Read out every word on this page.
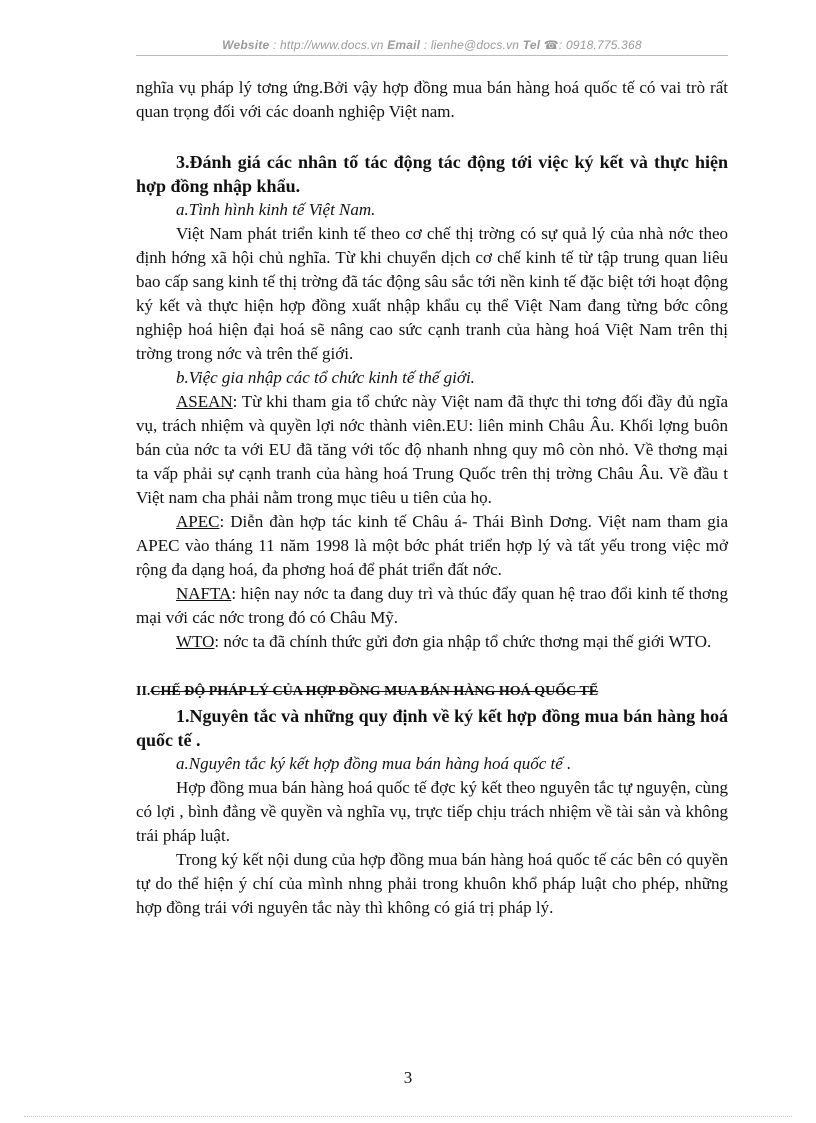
Website : http://www.docs.vn Email : lienhe@docs.vn Tel ☎: 0918.775.368

nghĩa vụ pháp lý tơng ứng.Bởi vậy hợp đồng mua bán hàng hoá quốc tế có vai trò rất quan trọng đối với các doanh nghiệp Việt nam.

3.Đánh giá các nhân tố tác động tác động tới việc ký kết và thực hiện hợp đồng nhập khẩu.

a.Tình hình kinh tế Việt Nam.

Việt Nam phát triển kinh tế theo cơ chế thị trờng có sự quả lý của nhà nớc theo định hớng xã hội chủ nghĩa. Từ khi chuyển dịch cơ chế kinh tế từ tập trung quan liêu bao cấp sang kinh tế thị trờng đã tác động sâu sắc tới nền kinh tế đặc biệt tới hoạt động ký kết và thực hiện hợp đồng xuất nhập khẩu cụ thể Việt Nam đang từng bớc công nghiệp hoá hiện đại hoá sẽ nâng cao sức cạnh tranh của hàng hoá Việt Nam trên thị trờng trong nớc và trên thế giới.

b.Việc gia nhập các tổ chức kinh tế thế giới.

ASEAN: Từ khi tham gia tổ chức này Việt nam đã thực thi tơng đối đầy đủ ngĩa vụ, trách nhiệm và quyền lợi nớc thành viên.EU: liên minh Châu Âu. Khối lợng buôn bán của nớc ta với EU đã tăng với tốc độ nhanh nhng quy mô còn nhỏ. Về thơng mại ta vấp phải sự cạnh tranh của hàng hoá Trung Quốc trên thị trờng Châu Âu. Về đầu t Việt nam cha phải nằm trong mục tiêu u tiên của họ.

APEC: Diễn đàn hợp tác kinh tế Châu á- Thái Bình Dơng. Việt nam tham gia APEC vào tháng 11 năm 1998 là một bớc phát triển hợp lý và tất yếu trong việc mở rộng đa dạng hoá, đa phơng hoá để phát triển đất nớc.

NAFTA: hiện nay nớc ta đang duy trì và thúc đẩy quan hệ trao đổi kinh tế thơng mại với các nớc trong đó có Châu Mỹ.

WTO: nớc ta đã chính thức gửi đơn gia nhập tổ chức thơng mại thế giới WTO.

II.CHẾ ĐỘ PHÁP LÝ CỦA HỢP ĐỒNG MUA BÁN HÀNG HOÁ QUỐC TẾ

1.Nguyên tắc và những quy định về ký kết hợp đồng mua bán hàng hoá quốc tế .

a.Nguyên tắc ký kết hợp đồng mua bán hàng hoá quốc tế .

Hợp đồng mua bán hàng hoá quốc tế đợc ký kết theo nguyên tắc tự nguyện, cùng có lợi , bình đẳng về quyền và nghĩa vụ, trực tiếp chịu trách nhiệm về tài sản và không trái pháp luật.

Trong ký kết nội dung của hợp đồng mua bán hàng hoá quốc tế các bên có quyền tự do thể hiện ý chí của mình nhng phải trong khuôn khổ pháp luật cho phép, những hợp đồng trái với nguyên tắc này thì không có giá trị pháp lý.

3
